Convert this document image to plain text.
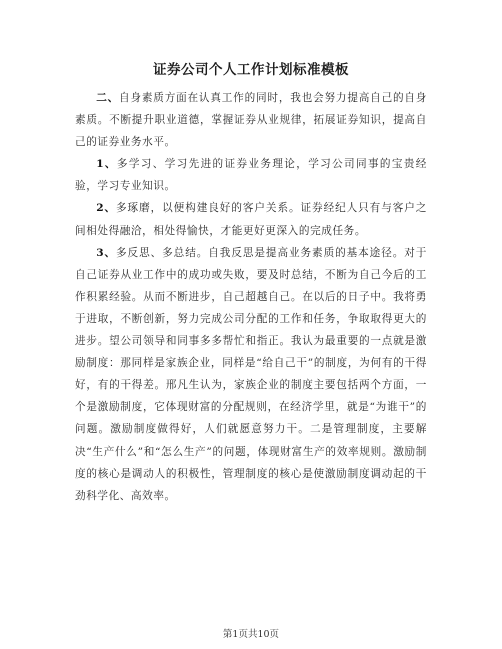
证券公司个人工作计划标准模板

二、自身素质方面在认真工作的同时，我也会努力提高自己的自身素质。不断提升职业道德，掌握证券从业规律，拓展证券知识，提高自己的证券业务水平。

1、多学习、学习先进的证券业务理论，学习公司同事的宝贵经验，学习专业知识。

2、多琢磨，以便构建良好的客户关系。证券经纪人只有与客户之间相处得融洽，相处得愉快，才能更好更深入的完成任务。

3、多反思、多总结。自我反思是提高业务素质的基本途径。对于自己证券从业工作中的成功或失败，要及时总结，不断为自己今后的工作积累经验。从而不断进步，自己超越自己。在以后的日子中。我将勇于进取，不断创新，努力完成公司分配的工作和任务，争取取得更大的进步。望公司领导和同事多多帮忙和指正。我认为最重要的一点就是激励制度：那同样是家族企业，同样是“给自己干”的制度，为何有的干得好，有的干得差。邢凡生认为，家族企业的制度主要包括两个方面，一个是激励制度，它体现财富的分配规则，在经济学里，就是“为谁干”的问题。激励制度做得好，人们就愿意努力干。二是管理制度，主要解决“生产什么”和“怎么生产”的问题，体现财富生产的效率规则。激励制度的核心是调动人的积极性，管理制度的核心是使激励制度调动起的干劲科学化、高效率。

第1页共10页
